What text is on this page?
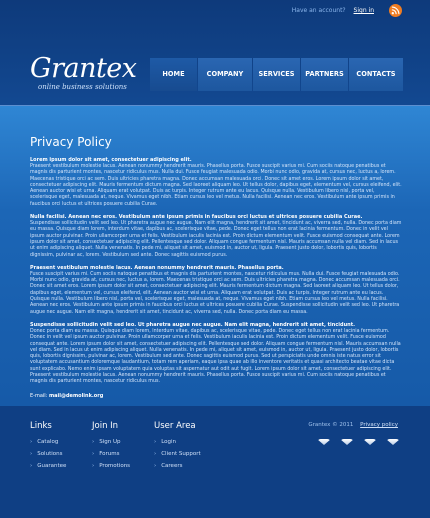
Have an account? Sign in
Grantex
online business solutions
HOME	COMPANY	SERVICES	PARTNERS	CONTACTS
Privacy Policy
Lorem ipsum dolor sit amet, consectetuer adipiscing elit.

Praesent vestibulum molestie lacus. Aenean nonummy hendrerit mauris. Phasellus porta. Fusce suscipit varius mi. Cum sociis natoque penatibus et magnis dis parturient montes, nascetur ridiculus mus. Nulla dui. Fusce feugiat malesuada odio. Morbi nunc odio, gravida at, cursus nec, luctus a, lorem. Maecenas tristique orci ac sem. Duis ultricies pharetra magna. Donec accumsan malesuada orci. Donec sit amet eros. Lorem ipsum dolor sit amet, consectetuer adipiscing elit. Mauris fermentum dictum magna. Sed laoreet aliquam leo. Ut tellus dolor, dapibus eget, elementum vel, cursus eleifend, elit. Aenean auctor wisi et urna. Aliquam erat volutpat. Duis ac turpis. Integer rutrum ante eu lacus. Quisque nulla. Vestibulum libero nisl, porta vel, scelerisque eget, malesuada at, neque. Vivamus eget nibh. Etiam cursus leo vel metus. Nulla facilisi. Aenean nec eros. Vestibulum ante ipsum primis in faucibus orci luctus et ultrices posuere cubilia Curae.

Nulla facilisi. Aenean nec eros. Vestibulum ante ipsum primis in faucibus orci luctus et ultrices posuere cubilia Curae.

Suspendisse sollicitudin velit sed leo. Ut pharetra augue nec augue. Nam elit magna, hendrerit sit amet, tincidunt ac, viverra sed, nulla. Donec porta diam eu massa. Quisque diam lorem, interdum vitae, dapibus ac, scelerisque vitae, pede. Donec eget tellus non erat lacinia fermentum. Donec in velit vel ipsum auctor pulvinar. Proin ullamcorper urna et felis. Vestibulum iaculis lacinia est. Proin dictum elementum velit. Fusce euismod consequat ante. Lorem ipsum dolor sit amet, consectetuer adipiscing elit. Pellentesque sed dolor. Aliquam congue fermentum nisl. Mauris accumsan nulla vel diam. Sed in lacus ut enim adipiscing aliquet. Nulla venenatis. In pede mi, aliquet sit amet, euismod in, auctor ut, ligula. Praesent justo dolor, lobortis quis, lobortis dignissim, pulvinar ac, lorem. Vestibulum sed ante. Donec sagittis euismod purus.

Praesent vestibulum molestie lacus. Aenean nonummy hendrerit mauris. Phasellus porta.

Fusce suscipit varius mi. Cum sociis natoque penatibus et magnis dis parturient montes, nascetur ridiculus mus. Nulla dui. Fusce feugiat malesuada odio. Morbi nunc odio, gravida at, cursus nec, luctus a, lorem. Maecenas tristique orci ac sem. Duis ultricies pharetra magna. Donec accumsan malesuada orci. Donec sit amet eros. Lorem ipsum dolor sit amet, consectetuer adipiscing elit. Mauris fermentum dictum magna. Sed laoreet aliquam leo. Ut tellus dolor, dapibus eget, elementum vel, cursus eleifend, elit. Aenean auctor wisi et urna. Aliquam erat volutpat. Duis ac turpis. Integer rutrum ante eu lacus. Quisque nulla. Vestibulum libero nisl, porta vel, scelerisque eget, malesuada at, neque. Vivamus eget nibh. Etiam cursus leo vel metus. Nulla facilisi. Aenean nec eros. Vestibulum ante ipsum primis in faucibus orci luctus et ultrices posuere cubilia Curae. Suspendisse sollicitudin velit sed leo. Ut pharetra augue nec augue. Nam elit magna, hendrerit sit amet, tincidunt ac, viverra sed, nulla. Donec porta diam eu massa.

Suspendisse sollicitudin velit sed leo. Ut pharetra augue nec augue. Nam elit magna, hendrerit sit amet, tincidunt.

Donec porta diam eu massa. Quisque diam lorem, interdum vitae, dapibus ac, scelerisque vitae, pede. Donec eget tellus non erat lacinia fermentum. Donec in velit vel ipsum auctor pulvinar. Proin ullamcorper urna et felis. Vestibulum iaculis lacinia est. Proin dictum elementum velit. Fusce euismod consequat ante. Lorem ipsum dolor sit amet, consectetuer adipiscing elit. Pellentesque sed dolor. Aliquam congue fermentum nisl. Mauris accumsan nulla vel diam. Sed in lacus ut enim adipiscing aliquet. Nulla venenatis. In pede mi, aliquet sit amet, euismod in, auctor ut, ligula. Praesent justo dolor, lobortis quis, lobortis dignissim, pulvinar ac, lorem. Vestibulum sed ante. Donec sagittis euismod purus. Sed ut perspiciatis unde omnis iste natus error sit voluptatem accusantium doloremque laudantium, totam rem aperiam, eaque ipsa quae ab illo inventore veritatis et quasi architecto beatae vitae dicta sunt explicabo. Nemo enim ipsam voluptatem quia voluptas sit aspernatur aut odit aut fugit. Lorem ipsum dolor sit amet, consectetuer adipiscing elit. Praesent vestibulum molestie lacus. Aenean nonummy hendrerit mauris. Phasellus porta. Fusce suscipit varius mi. Cum sociis natoque penatibus et magnis dis parturient montes, nascetur ridiculus mus.

E-mail: mail@demolink.org
Links
› Catalog
› Solutions
› Guarantee
Join In
› Sign Up
› Forums
› Promotions
User Area
› Login
› Client Support
› Careers
Grantex © 2011 Privacy policy
